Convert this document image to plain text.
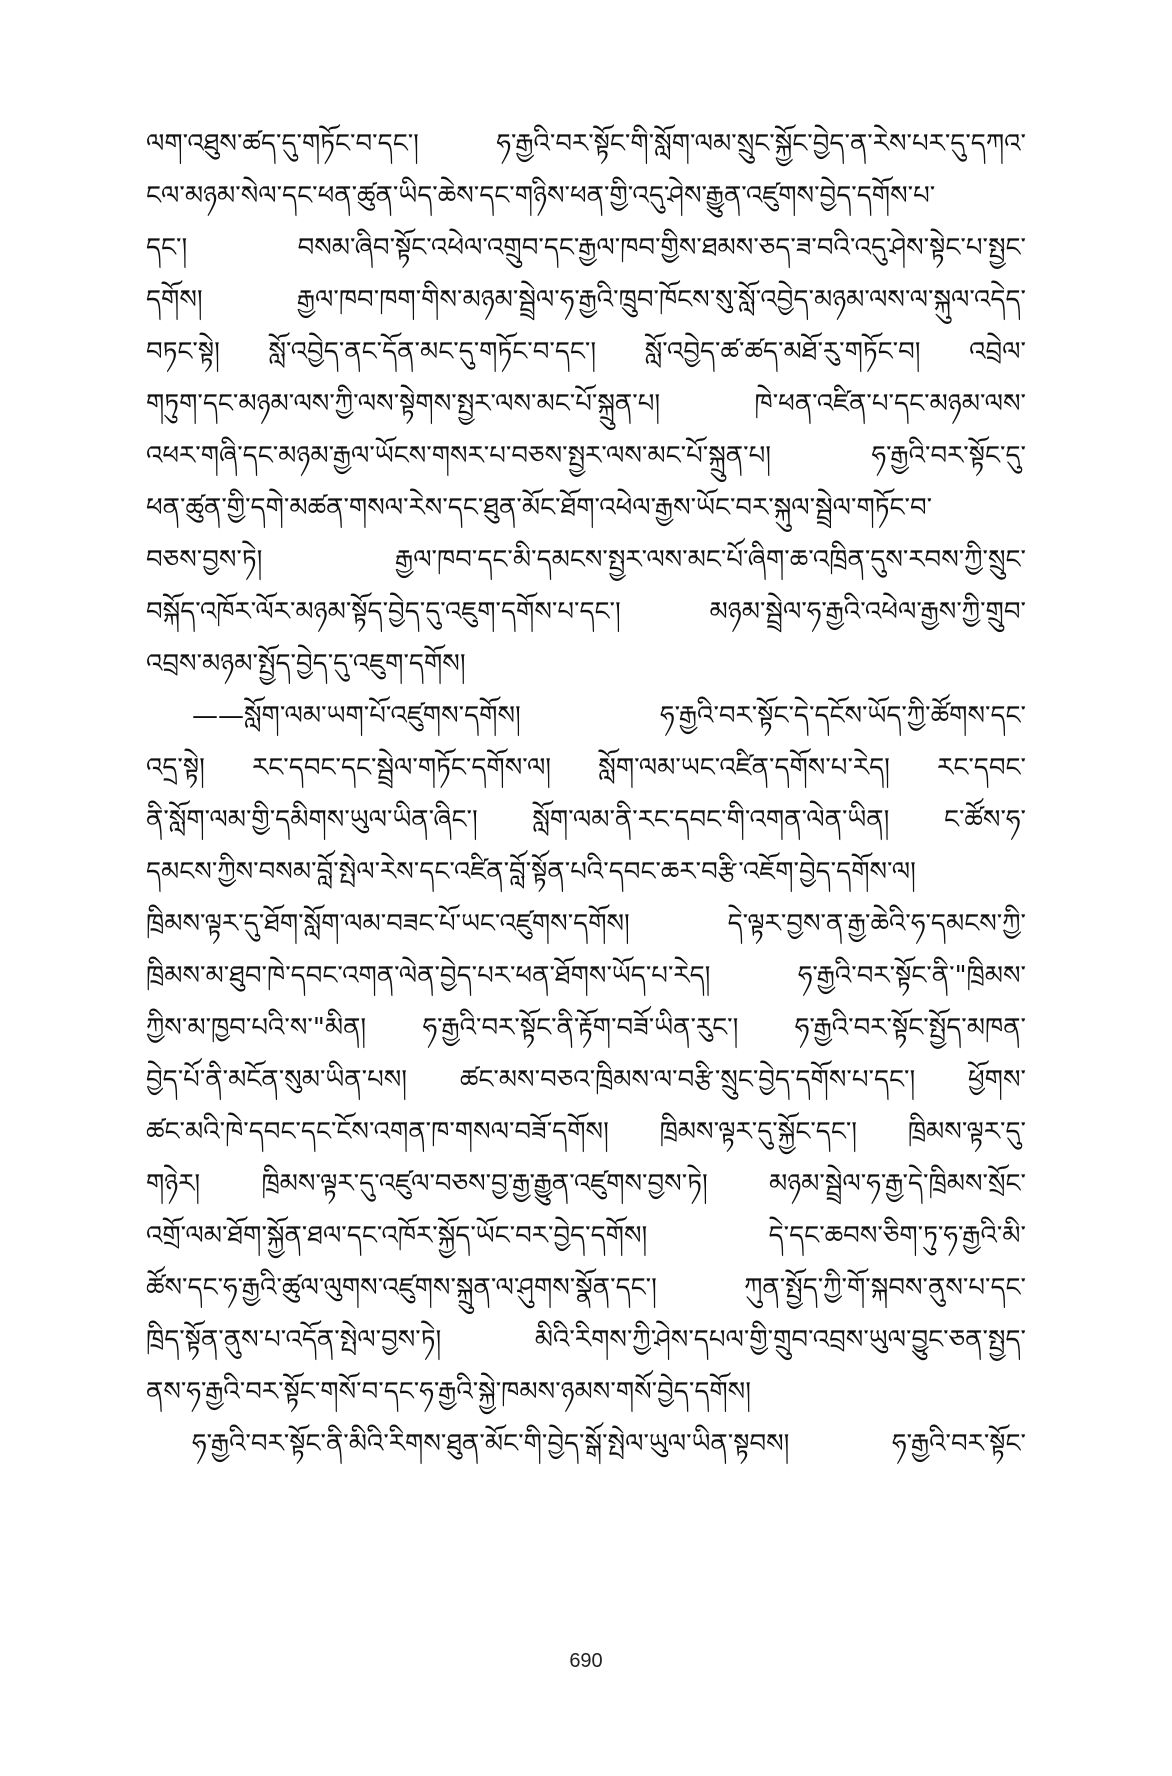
ལག་འཐུས་ཚད་དུ་གཏོང་བ་དང་། ཧ་རྒྱའི་བར་སྟོང་གི་སློག་ལམ་སྲུང་སྐྱོང་བྱེད་ན་རེས་པར་དུ་དཀའ་
ངལ་མཉམ་སེལ་དང་ཕན་ཚུན་ཡིད་ཆེས་དང་གཉིས་ཕན་གྱི་འདུ་ཤེས་རྒྱུན་འཛུགས་བྱེད་དགོས་པ་
དང་། བསམ་ཞིབ་སྟོང་འཕེལ་འགྲུབ་དང་རྒྱལ་ཁབ་གྱིས་ཐམས་ཅད་ཟ་བའི་འདུ་ཤེས་སྟེང་པ་སྤྱང་
དགོས། རྒྱལ་ཁབ་ཁག་གིས་མཉམ་སྦྲེལ་ཧ་རྒྱའི་ཁྲུབ་ཁོངས་སུ་སློ་འབྱེད་མཉམ་ལས་ལ་སྐུལ་འདེད་
བཏང་སྟེ། སློ་འབྱེད་ནང་དོན་མང་དུ་གཏོང་བ་དང་། སློ་འབྱེད་ཚ་ཚད་མཐོ་རུ་གཏོང་བ། འབྲེལ་
གཏུག་དང་མཉམ་ལས་ཀྱི་ལས་སྟེགས་སྤྱར་ལས་མང་པོ་སྐྲུན་པ། ཁེ་ཕན་འཛིན་པ་དང་མཉམ་ལས་
འཕར་གཞི་དང་མཉམ་རྒྱལ་ཡོངས་གསར་པ་བཅས་སྤྱར་ལས་མང་པོ་སྐྲུན་པ། ཧ་རྒྱའི་བར་སྟོང་དུ་
ཕན་ཚུན་གྱི་དགེ་མཚན་གསལ་རེས་དང་ཐུན་མོང་ཐོག་འཕེལ་རྒྱས་ཡོང་བར་སྐུལ་སྦྲེལ་གཏོང་བ་
བཅས་བྱས་ཏེ། རྒྱལ་ཁབ་དང་མི་དམངས་སྤྱར་ལས་མང་པོ་ཞིག་ཆ་འཁྲིན་དུས་རབས་ཀྱི་སྲུང་
བསྐོད་འཁོར་ལོར་མཉམ་སྟོད་བྱེད་དུ་འཇུག་དགོས་པ་དང་། མཉམ་སྦྲེལ་ཧ་རྒྱའི་འཕེལ་རྒྱས་ཀྱི་གྲུབ་
འབྲས་མཉམ་སྤྱོད་བྱེད་དུ་འཇུག་དགོས།
——སློག་ལམ་ཡག་པོ་འཛུགས་དགོས། ཧ་རྒྱའི་བར་སྟོང་དེ་དངོས་ཡོད་ཀྱི་ཚོགས་དང་
འདྲ་སྟེ། རང་དབང་དང་སྦྲེལ་གཏོང་དགོས་ལ། སློག་ལམ་ཡང་འཛིན་དགོས་པ་རེད། རང་དབང་
ནི་སློག་ལམ་གྱི་དམིགས་ཡུལ་ཡིན་ཞིང་། སློག་ལམ་ནི་རང་དབང་གི་འགན་ལེན་ཡིན། ང་ཚོས་ཧ་
དམངས་ཀྱིས་བསམ་བློ་སྤེལ་རེས་དང་འཛིན་བློ་སྟོན་པའི་དབང་ཆར་བརྩི་འཇོག་བྱེད་དགོས་ལ།
ཁྲིམས་ལྟར་དུ་ཐོག་སློག་ལམ་བཟང་པོ་ཡང་འཛུགས་དགོས། དེ་ལྟར་བྱས་ན་རྒྱ་ཆེའི་ཧ་དམངས་ཀྱི་
ཁྲིམས་མ་ཐུབ་ཁེ་དབང་འགན་ལེན་བྱེད་པར་ཕན་ཐོགས་ཡོད་པ་རེད། ཧ་རྒྱའི་བར་སྟོང་ནི་"ཁྲིམས་
ཀྱིས་མ་ཁྱབ་པའི་ས་"མིན། ཧ་རྒྱའི་བར་སྟོང་ནི་རྟོག་བཟོ་ཡིན་རུང་། ཧ་རྒྱའི་བར་སྟོང་སྤྱོད་མཁན་
བྱེད་པོ་ནི་མངོན་སུམ་ཡིན་པས། ཚང་མས་བཅའ་ཁྲིམས་ལ་བརྩི་སྲུང་བྱེད་དགོས་པ་དང་། ཕྱོགས་
ཚང་མའི་ཁེ་དབང་དང་ངོས་འགན་ཁ་གསལ་བཟོ་དགོས། ཁྲིམས་ལྟར་དུ་སྐྱོང་དང་། ཁྲིམས་ལྟར་དུ་
གཉེར། ཁྲིམས་ལྟར་དུ་འཛུལ་བཅས་བྱ་རྒྱ་རྒྱུན་འཛུགས་བྱས་ཏེ། མཉམ་སྦྲེལ་ཧ་རྒྱ་དེ་ཁྲིམས་སྲོང་
འགྲོ་ལམ་ཐོག་སྐྱོན་ཐལ་དང་འཁོར་སྐྱོད་ཡོང་བར་བྱེད་དགོས། དེ་དང་ཆབས་ཅིག་ཏུ་ཧ་རྒྱའི་མི་
ཚོས་དང་ཧ་རྒྱའི་ཚུལ་ལུགས་འཛུགས་སྐྲུན་ལ་ཤུགས་སྣོན་དང་། ཀུན་སྤྱོད་ཀྱི་གོ་སྐབས་ནུས་པ་དང་
ཁྲིད་སྟོན་ནུས་པ་འདོན་སྤེལ་བྱས་ཏེ། མིའི་རིགས་ཀྱི་ཤེས་དཔལ་གྱི་གྲུབ་འབྲས་ཡུལ་བྱུང་ཅན་སྤྱད་
ནས་ཧ་རྒྱའི་བར་སྟོང་གསོ་བ་དང་ཧ་རྒྱའི་སྐྱེ་ཁམས་ཉམས་གསོ་བྱེད་དགོས།
ཧ་རྒྱའི་བར་སྟོང་ནི་མིའི་རིགས་ཐུན་མོང་གི་བྱེད་སྒོ་སྤེལ་ཡུལ་ཡིན་སྟབས། ཧ་རྒྱའི་བར་སྟོང་
690
